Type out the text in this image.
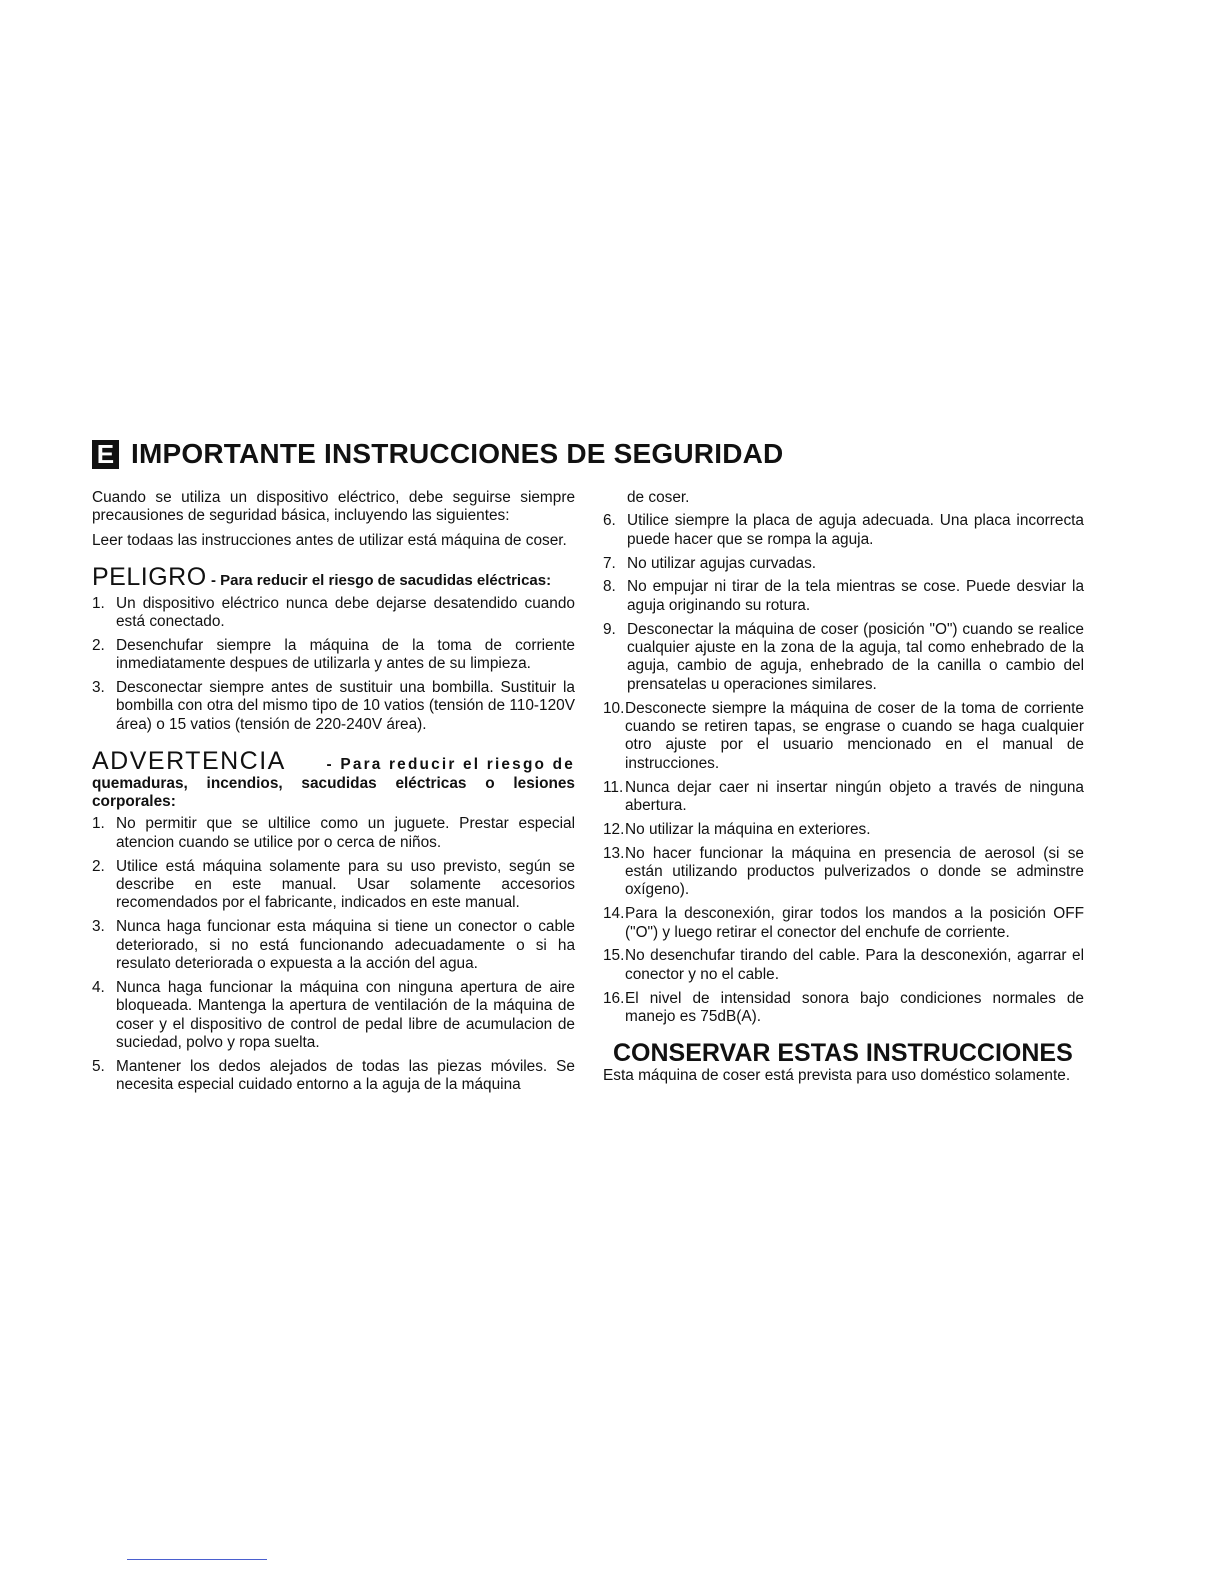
E IMPORTANTE INSTRUCCIONES DE SEGURIDAD

Cuando se utiliza un dispositivo eléctrico, debe seguirse siempre precausiones de seguridad básica, incluyendo las siguientes:

Leer todaas las instrucciones antes de utilizar está máquina de coser.

PELIGRO - Para reducir el riesgo de sacudidas eléctricas:
1. Un dispositivo eléctrico nunca debe dejarse desatendido cuando está conectado.
2. Desenchufar siempre la máquina de la toma de corriente inmediatamente despues de utilizarla y antes de su limpieza.
3. Desconectar siempre antes de sustituir una bombilla. Sustituir la bombilla con otra del mismo tipo de 10 vatios (tensión de 110-120V área) o 15 vatios (tensión de 220-240V área).
ADVERTENCIA	- Para reducir el riesgo de
quemaduras, incendios, sacudidas eléctricas o lesiones corporales:
1. No permitir que se ultilice como un juguete. Prestar especial atencion cuando se utilice por o cerca de niños.
2. Utilice está máquina solamente para su uso previsto, según se describe en este manual. Usar solamente accesorios recomendados por el fabricante, indicados en este manual.
3. Nunca haga funcionar esta máquina si tiene un conector o cable deteriorado, si no está funcionando adecuadamente o si ha resulato deteriorada o expuesta a la acción del agua.
4. Nunca haga funcionar la máquina con ninguna apertura de aire bloqueada. Mantenga la apertura de ventilación de la máquina de coser y el dispositivo de control de pedal libre de acumulacion de suciedad, polvo y ropa suelta.
5. Mantener los dedos alejados de todas las piezas móviles. Se necesita especial cuidado entorno a la aguja de la máquina

de coser.

6. Utilice siempre la placa de aguja adecuada. Una placa incorrecta puede hacer que se rompa la aguja.
7. No utilizar agujas curvadas.
8. No empujar ni tirar de la tela mientras se cose. Puede desviar la aguja originando su rotura.
9. Desconectar la máquina de coser (posición "O") cuando se realice cualquier ajuste en la zona de la aguja, tal como enhebrado de la aguja, cambio de aguja, enhebrado de la canilla o cambio del prensatelas u operaciones similares.
10. Desconecte siempre la máquina de coser de la toma de corriente cuando se retiren tapas, se engrase o cuando se haga cualquier otro ajuste por el usuario mencionado en el manual de instrucciones.
11. Nunca dejar caer ni insertar ningún objeto a través de ninguna abertura.
12. No utilizar la máquina en exteriores.
13. No hacer funcionar la máquina en presencia de aerosol (si se están utilizando productos pulverizados o donde se adminstre oxígeno).
14. Para la desconexión, girar todos los mandos a la posición OFF ("O") y luego retirar el conector del enchufe de corriente.
15. No desenchufar tirando del cable. Para la desconexión, agarrar el conector y no el cable.
16. El nivel de intensidad sonora bajo condiciones normales de manejo es 75dB(A).
CONSERVAR ESTAS INSTRUCCIONES

Esta máquina de coser está prevista para uso doméstico solamente.
